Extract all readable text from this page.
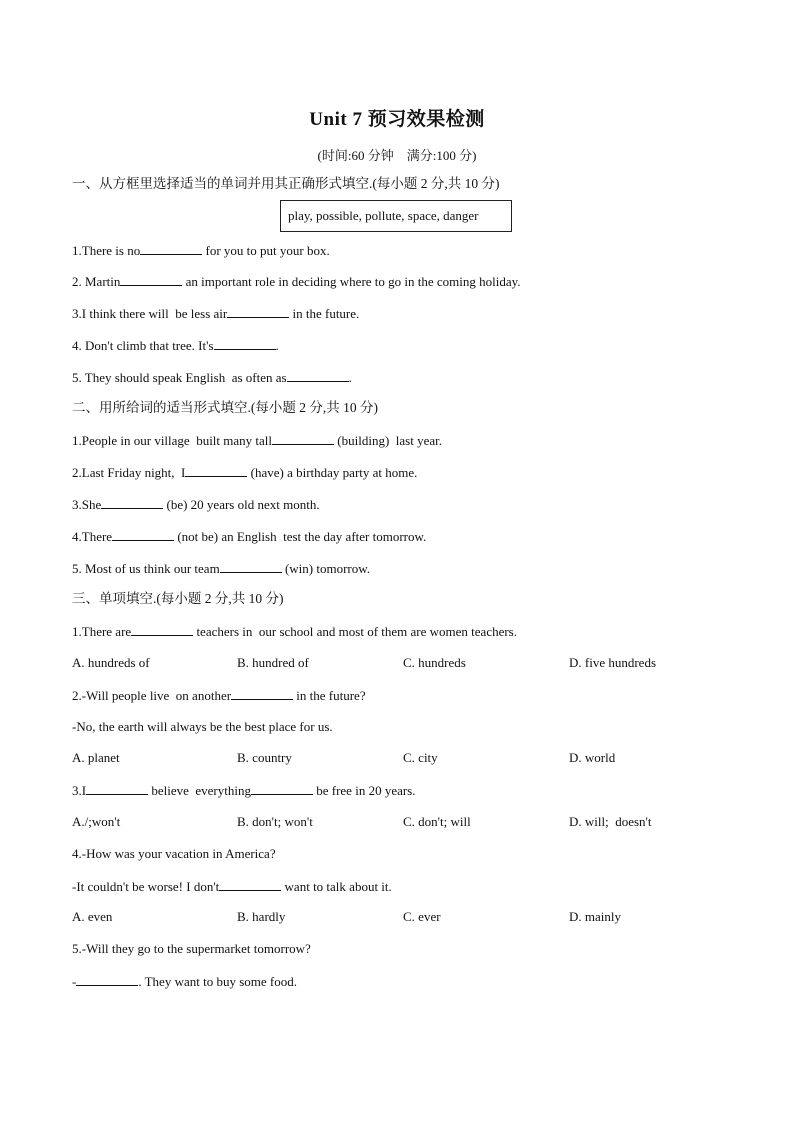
Unit 7 预习效果检测
(时间:60 分钟　满分:100 分)
一、从方框里选择适当的单词并用其正确形式填空.(每小题 2 分,共 10 分)
play, possible, pollute, space, danger
1.There is no	for you to put your box.
2. Martin	an important role in deciding where to go in the coming holiday.
3.I think there will  be less air	in the future.
4. Don't climb that tree. It's	.
5. They should speak English  as often as	.
二、用所给词的适当形式填空.(每小题 2 分,共 10 分)
1.People in our village  built many tall	(building)  last year.
2.Last Friday night,  I	(have) a birthday party at home.
3.She	(be) 20 years old next month.
4.There	(not be) an English  test the day after tomorrow.
5. Most of us think our team	(win) tomorrow.
三、单项填空.(每小题 2 分,共 10 分)
1.There are	teachers in  our school and most of them are women teachers.
A. hundreds of	B. hundred of	C. hundreds	D. five hundreds
2.-Will people live  on another	in the future?
-No, the earth will always be the best place for us.
A. planet	B. country	C. city	D. world
3.I	believe  everything	be free in 20 years.
A./;won't	B. don't; won't	C. don't; will	D. will;  doesn't
4.-How was your vacation in America?
-It couldn't be worse! I don't	want to talk about it.
A. even	B. hardly	C. ever	D. mainly
5.-Will they go to the supermarket tomorrow?
-	. They want to buy some food.
